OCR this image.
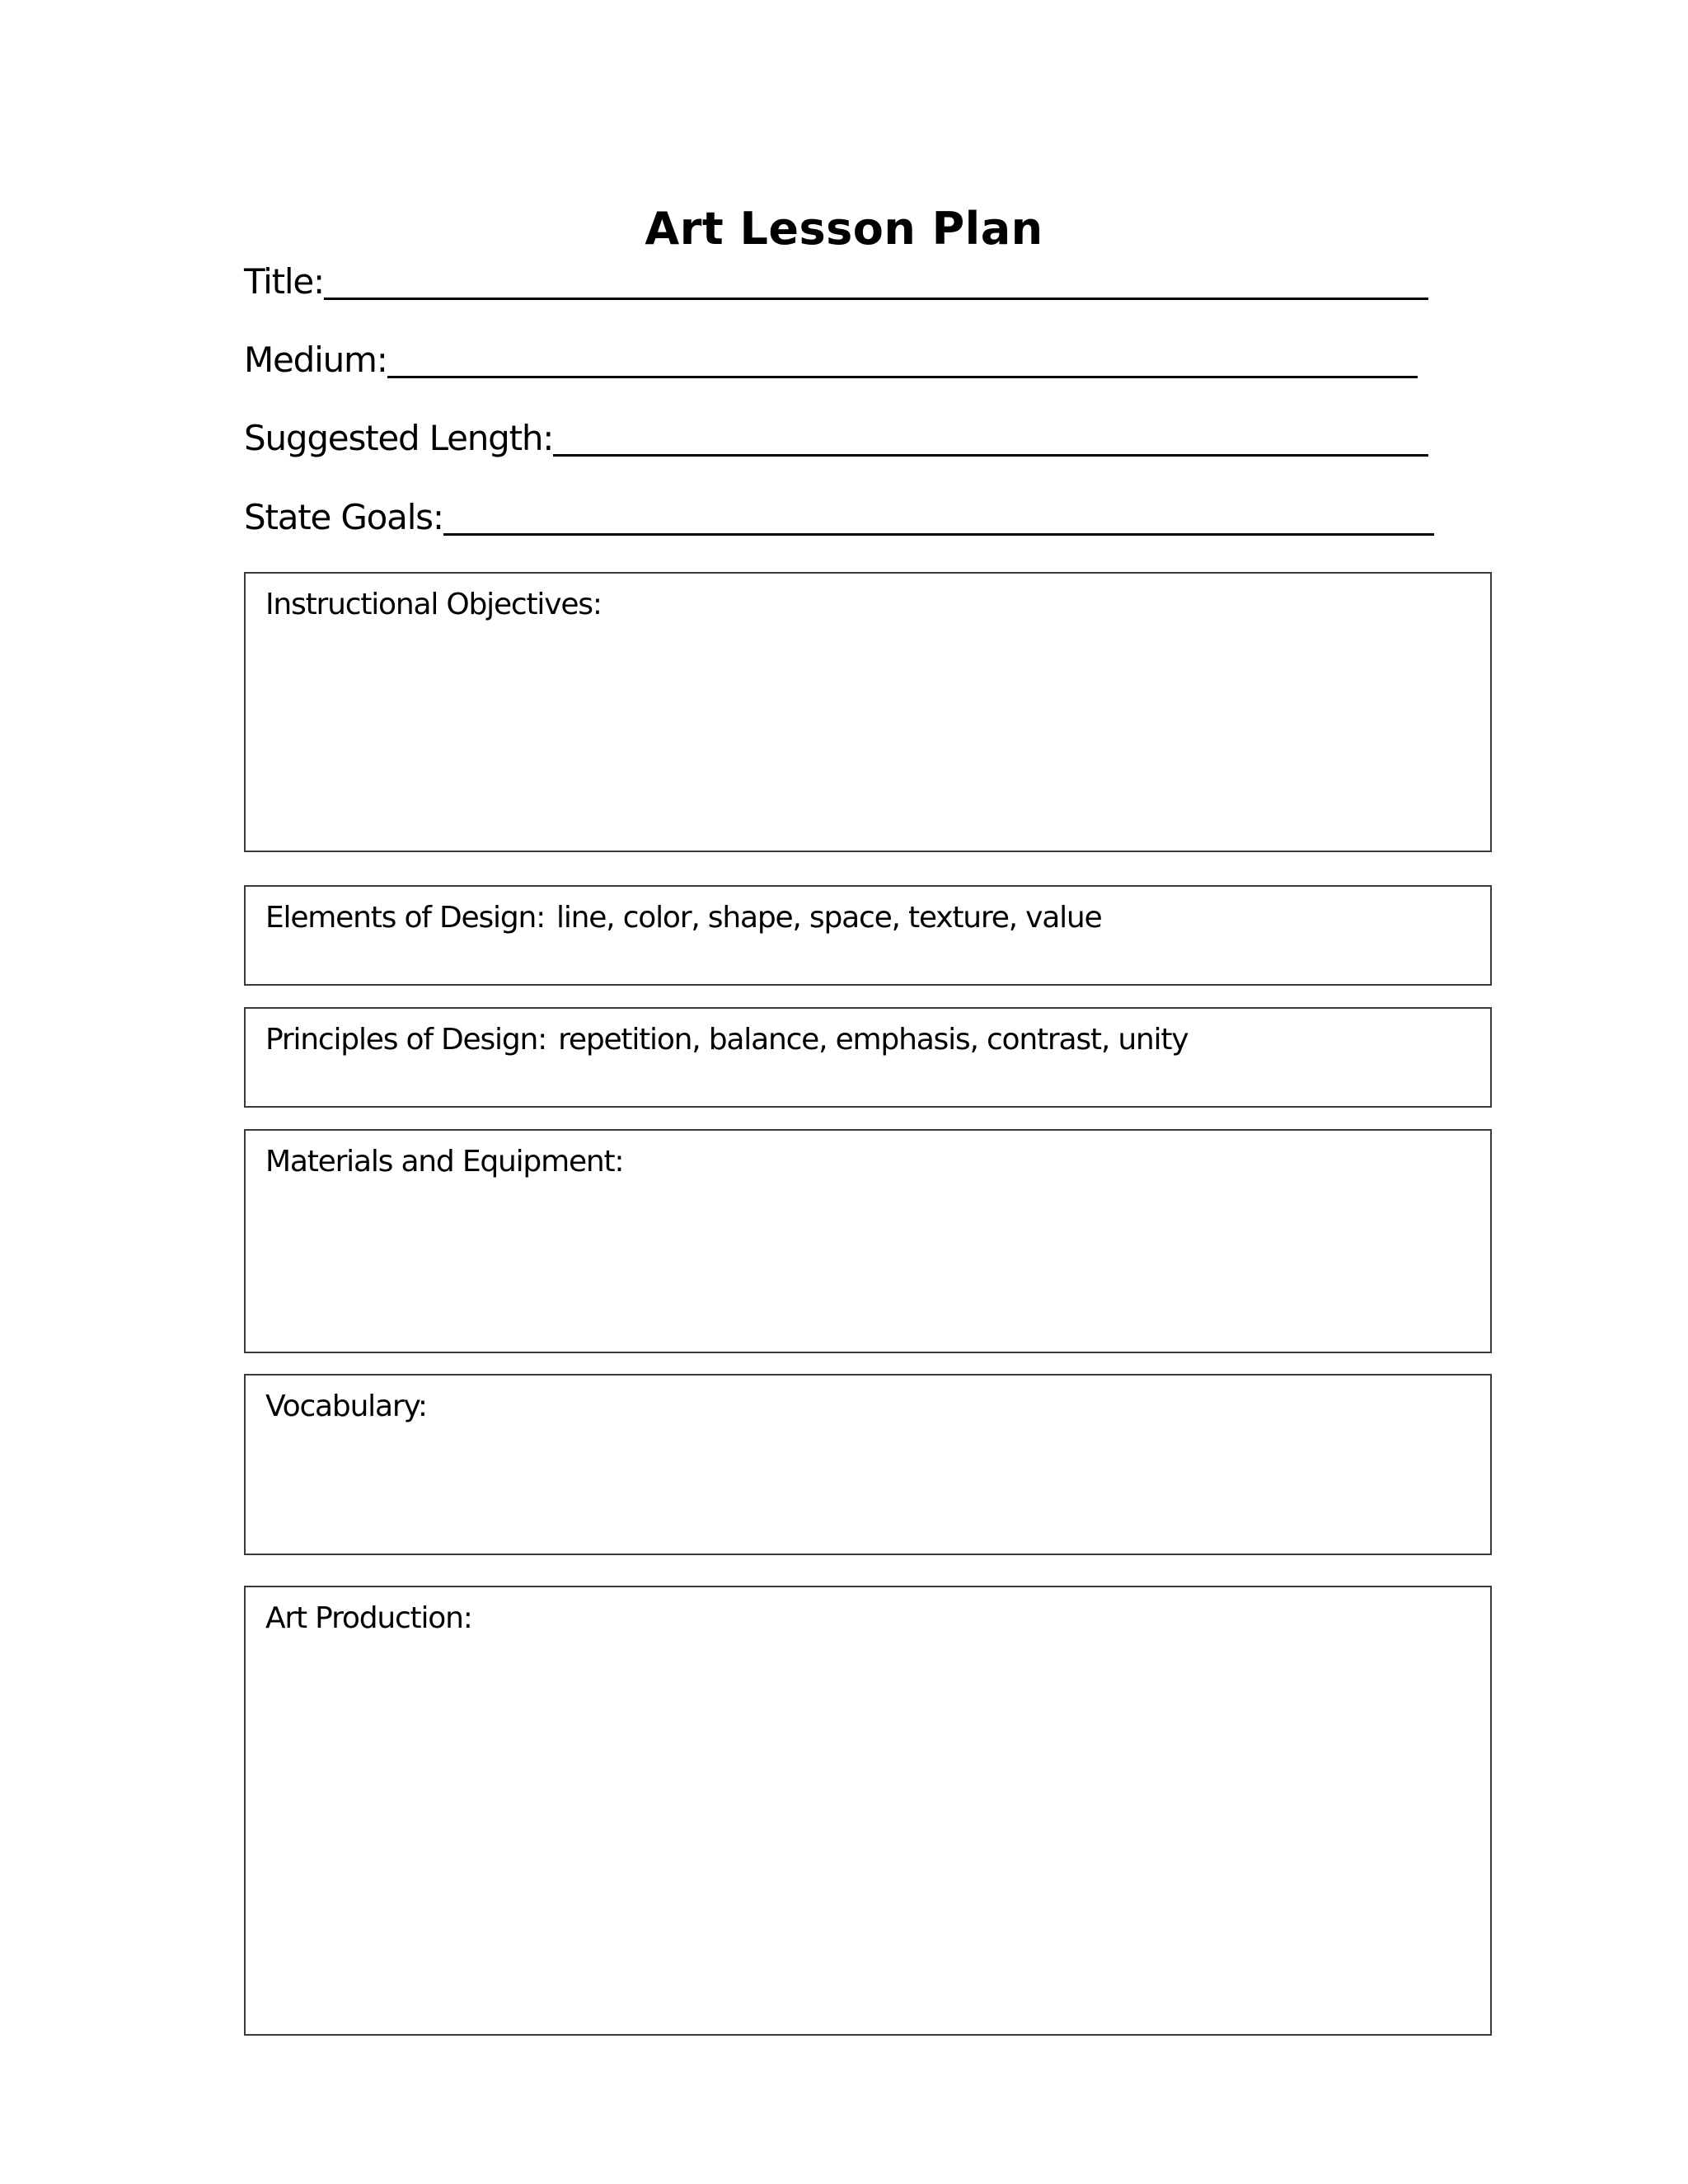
Art Lesson Plan
Title:
Medium:
Suggested Length:
State Goals:
Instructional Objectives:
Elements of Design: line, color, shape, space, texture, value
Principles of Design: repetition, balance, emphasis, contrast, unity
Materials and Equipment:
Vocabulary:
Art Production:
